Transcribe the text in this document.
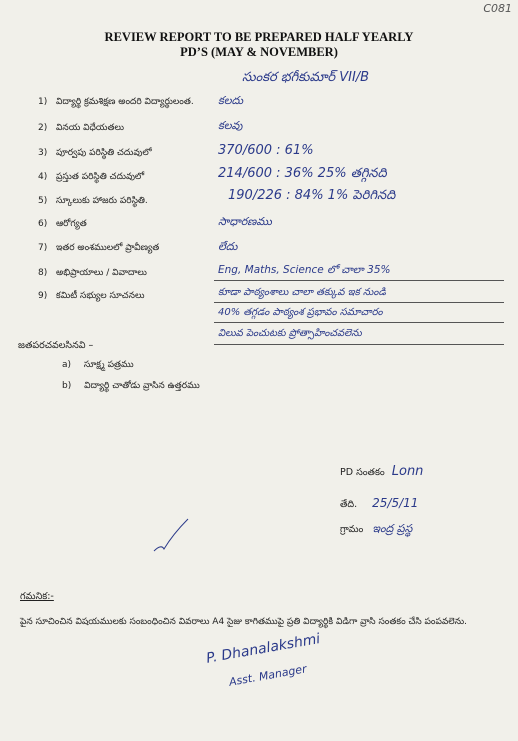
C081
REVIEW REPORT TO BE PREPARED HALF YEARLY
PD’S (MAY & NOVEMBER)
సుంకర భగీకుమార్ VII/B
1) విద్యార్థి క్రమశిక్షణ అందరి విద్యార్థులంత. కలదు
2) వినయ విధేయతలు	కలవు
3) పూర్వపు పరిస్థితి చదువులో	370/600 : 61%
4) ప్రస్తుత పరిస్థితి చదువులో	214/600 : 36% 25% తగ్గినది
5) స్కూలుకు హాజరు పరిస్థితి.	190/226 : 84% 1% పెరిగినది
6) ఆరోగ్యత	సాధారణము
7) ఇతర అంశములలో ప్రావీణ్యత	లేదు
8) అభిప్రాయాలు / వివాదాలు	Eng, Maths, Science లో చాలా 35%
9) కమిటీ సభ్యుల సూచనలు	కూడా పాఠ్యంశాలు చాలా తక్కువ ఇక నుండి
40% తగ్గడం పాఠ్యంశ ప్రభావం సమాచారం
విలువ పెంచుటకు ప్రోత్సాహించవలెను
జతపరచవలసినవి –
a) సూక్ష్మ పత్రము
b) విద్యార్థి చాతోడు వ్రాసిన ఉత్తరము
PD సంతకం Lonn
తేది. 25/5/11
గ్రామం ఇంద్ర ప్రస్థ
గమనిక:-
పైన సూచించిన విషయములకు సంబంధించిన వివరాలు A4 సైజు కాగితముపై ప్రతి విద్యార్థికి విడిగా వ్రాసి సంతకం చేసి పంపవలెను.
P. Dhanalakshmi
Asst. Manager
